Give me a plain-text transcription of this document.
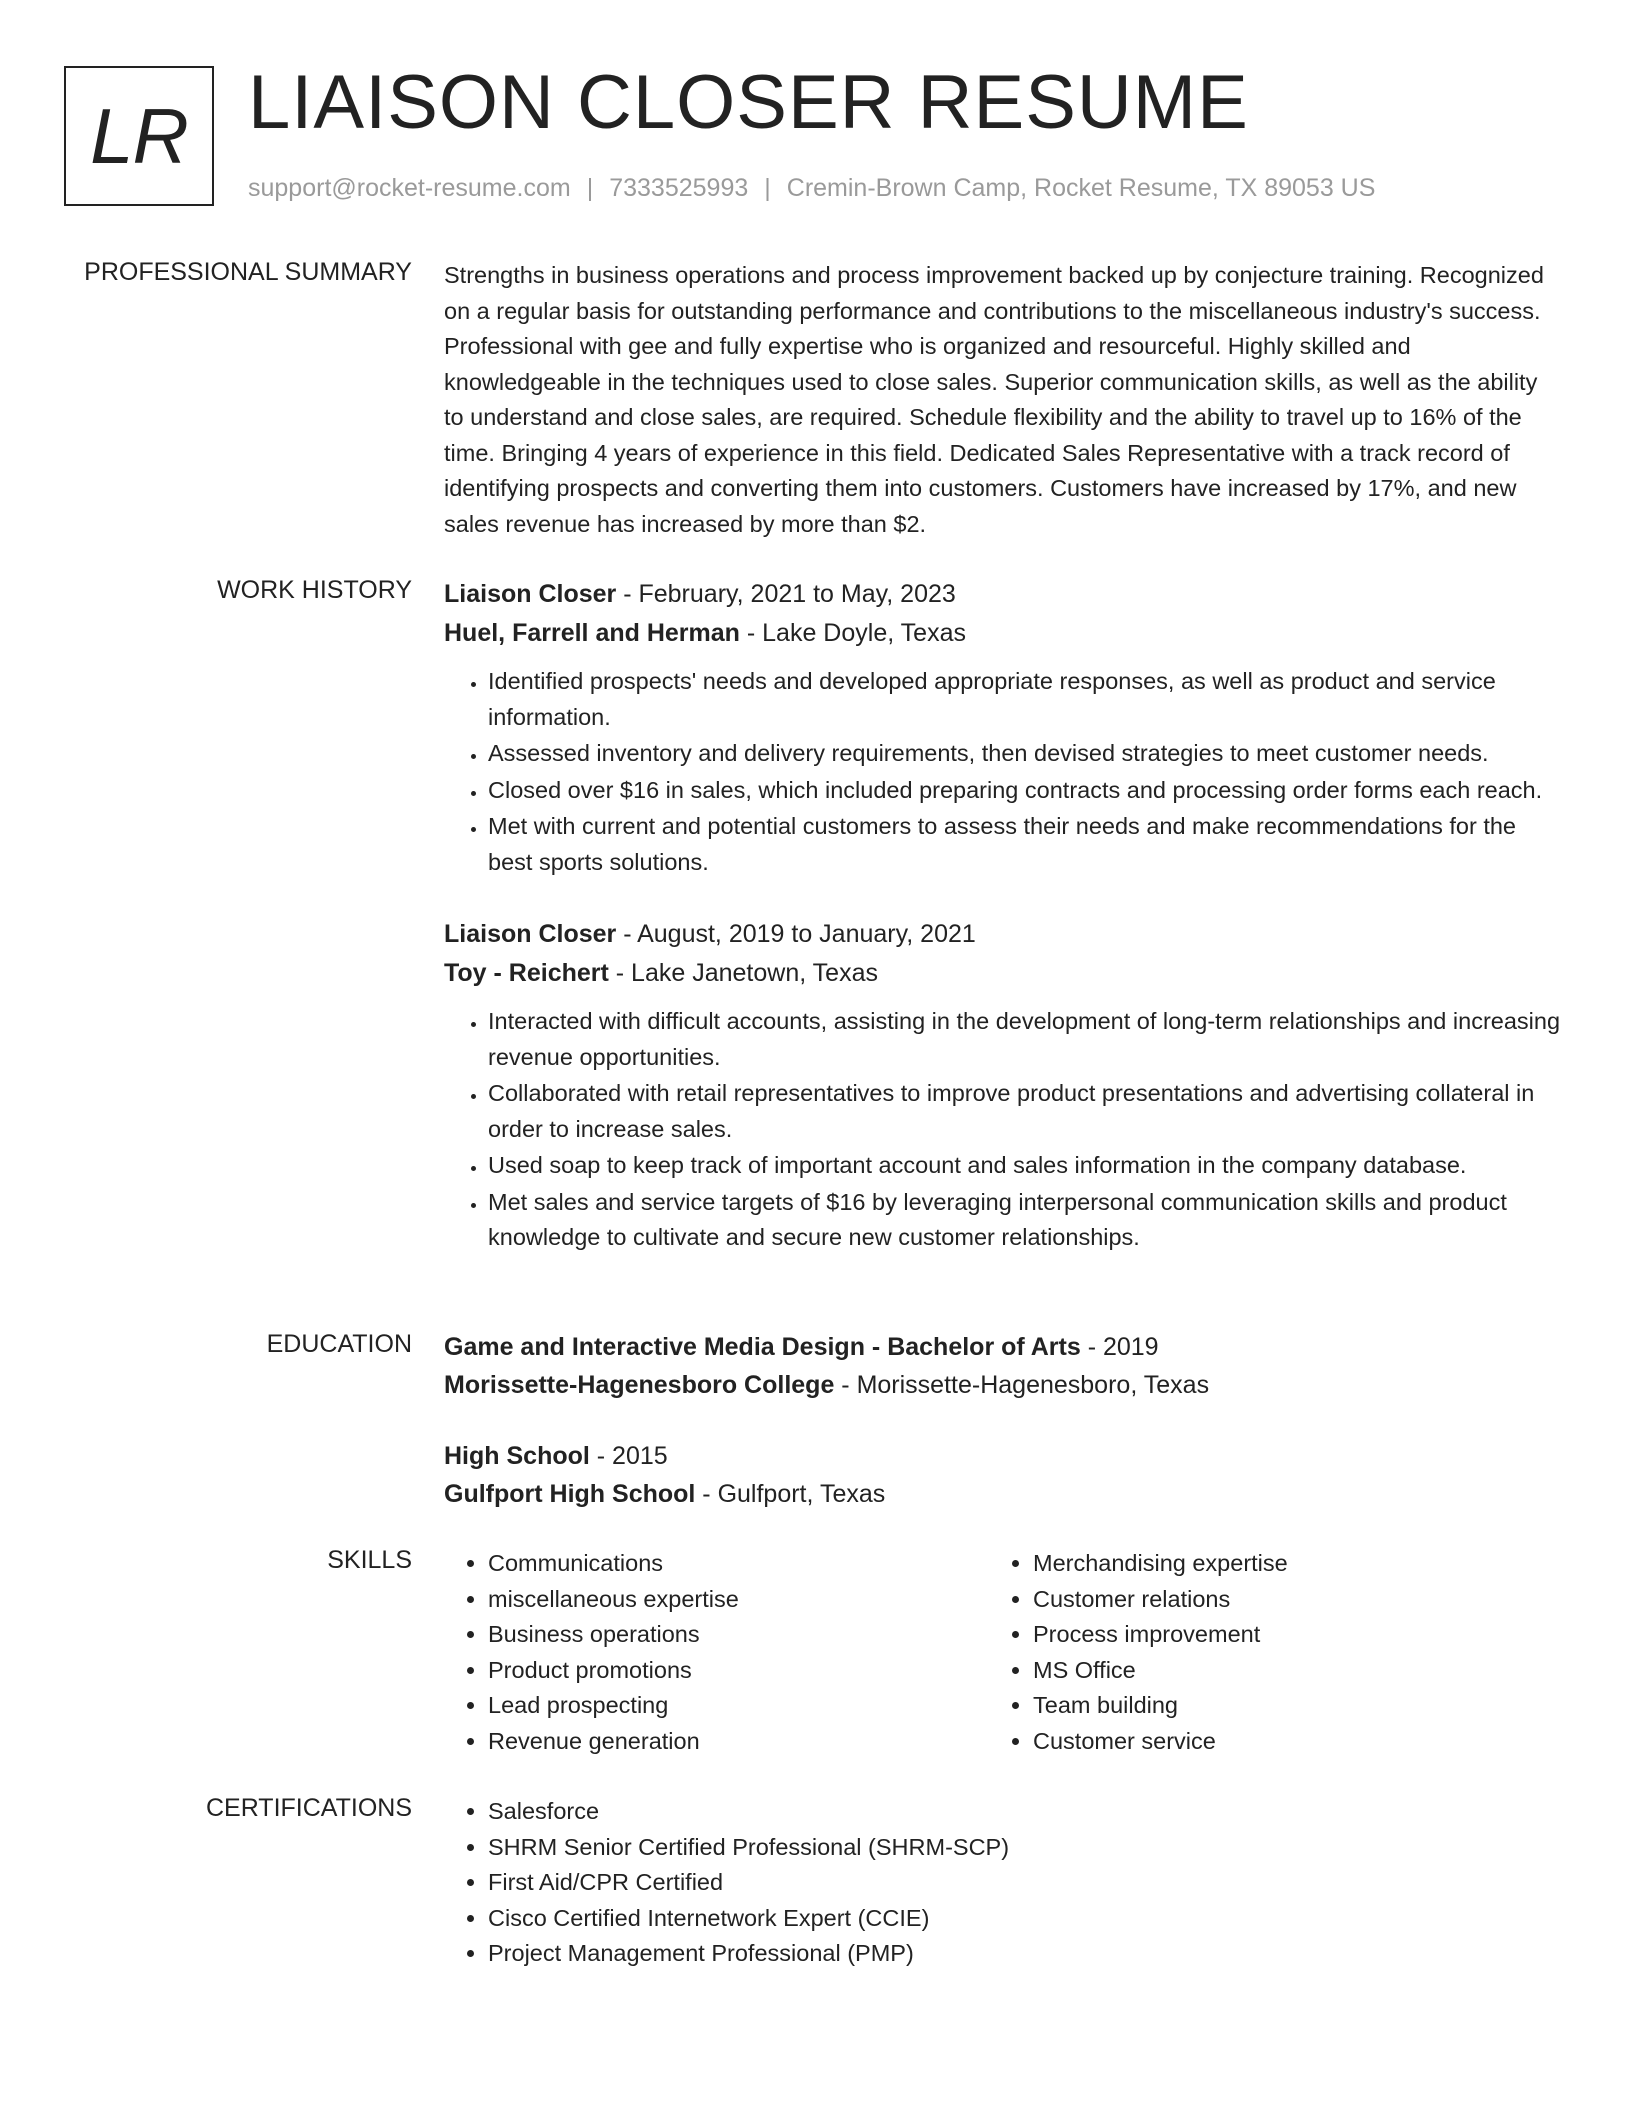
LR LIAISON CLOSER RESUME
support@rocket-resume.com | 7333525993 | Cremin-Brown Camp, Rocket Resume, TX 89053 US
PROFESSIONAL SUMMARY Strengths in business operations and process improvement backed up by conjecture training. Recognized on a regular basis for outstanding performance and contributions to the miscellaneous industry's success. Professional with gee and fully expertise who is organized and resourceful. Highly skilled and knowledgeable in the techniques used to close sales. Superior communication skills, as well as the ability to understand and close sales, are required. Schedule flexibility and the ability to travel up to 16% of the time. Bringing 4 years of experience in this field. Dedicated Sales Representative with a track record of identifying prospects and converting them into customers. Customers have increased by 17%, and new sales revenue has increased by more than $2.

WORK HISTORY Liaison Closer - February, 2021 to May, 2023
Huel, Farrell and Herman - Lake Doyle, Texas
• Identified prospects' needs and developed appropriate responses, as well as product and service information.
• Assessed inventory and delivery requirements, then devised strategies to meet customer needs.
• Closed over $16 in sales, which included preparing contracts and processing order forms each reach.
• Met with current and potential customers to assess their needs and make recommendations for the best sports solutions.
Liaison Closer - August, 2019 to January, 2021
Toy - Reichert - Lake Janetown, Texas
• Interacted with difficult accounts, assisting in the development of long-term relationships and increasing revenue opportunities.
• Collaborated with retail representatives to improve product presentations and advertising collateral in order to increase sales.
• Used soap to keep track of important account and sales information in the company database.
• Met sales and service targets of $16 by leveraging interpersonal communication skills and product knowledge to cultivate and secure new customer relationships.
EDUCATION Game and Interactive Media Design - Bachelor of Arts - 2019
Morissette-Hagenesboro College - Morissette-Hagenesboro, Texas
High School - 2015
Gulfport High School - Gulfport, Texas
SKILLS	• Communications
• miscellaneous expertise
• Business operations
• Product promotions
• Lead prospecting
• Revenue generation
• Merchandising expertise
• Customer relations
• Process improvement
• MS Office
• Team building
• Customer service
CERTIFICATIONS	• Salesforce
• SHRM Senior Certified Professional (SHRM-SCP)
• First Aid/CPR Certified
• Cisco Certified Internetwork Expert (CCIE)
• Project Management Professional (PMP)
